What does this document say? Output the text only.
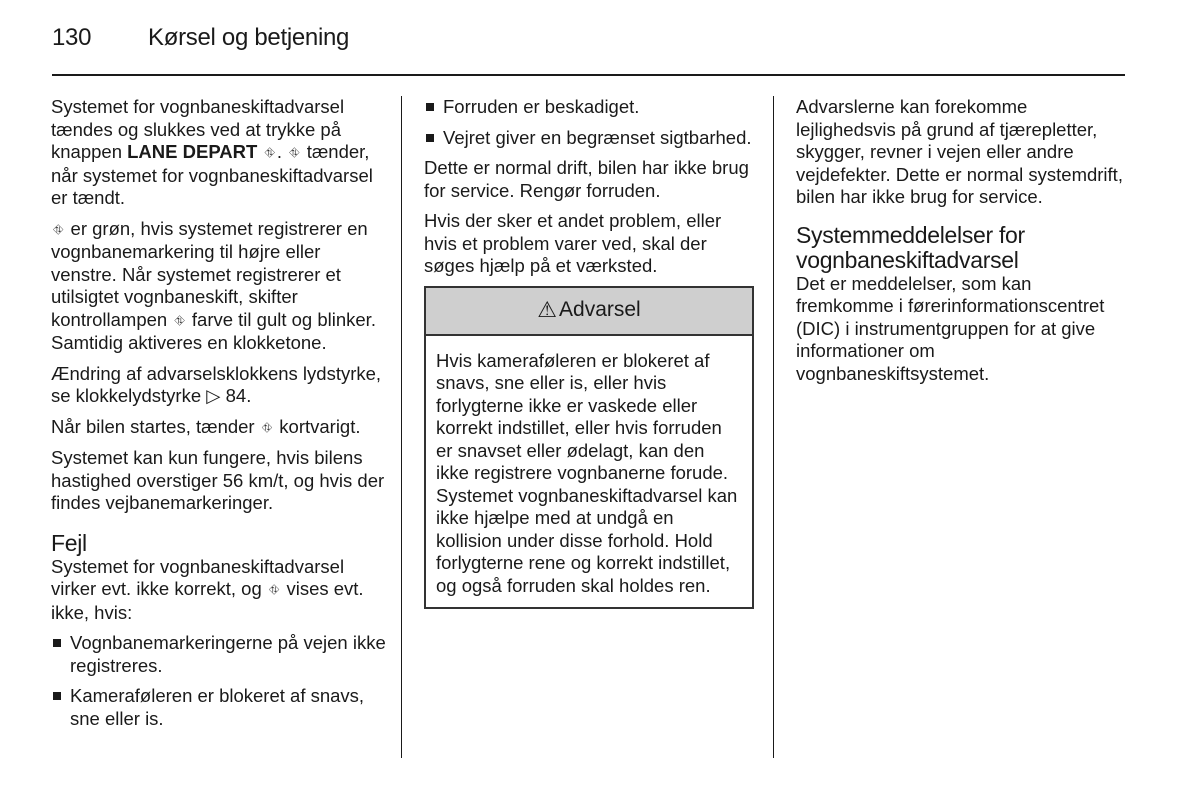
130	Kørsel og betjening

Systemet for vognbaneskiftadvarsel tændes og slukkes ved at trykke på knappen LANE DEPART ⛗ . ⛗ tænder, når systemet for vognbaneskiftadvarsel er tændt.

⛗ er grøn, hvis systemet registrerer en vognbanemarkering til højre eller venstre. Når systemet registrerer et utilsigtet vognbaneskift, skifter kontrollampen ⛗ farve til gult og blinker. Samtidig aktiveres en klokketone.

Ændring af advarselsklokkens lydstyrke, se klokkelydstyrke ▷ 84.

Når bilen startes, tænder ⛗ kortvarigt.

Systemet kan kun fungere, hvis bilens hastighed overstiger 56 km/t, og hvis der findes vejbanemarkeringer.

Fejl

Systemet for vognbaneskiftadvarsel virker evt. ikke korrekt, og ⛗ vises evt. ikke, hvis:

Vognbanemarkeringerne på vejen ikke registreres.
Kameraføleren er blokeret af snavs, sne eller is.
Forruden er beskadiget.
Vejret giver en begrænset sigtbarhed.

Dette er normal drift, bilen har ikke brug for service. Rengør forruden.

Hvis der sker et andet problem, eller hvis et problem varer ved, skal der søges hjælp på et værksted.

⚠ Advarsel
Hvis kameraføleren er blokeret af snavs, sne eller is, eller hvis forlygterne ikke er vaskede eller korrekt indstillet, eller hvis forruden er snavset eller ødelagt, kan den ikke registrere vognbanerne forude. Systemet vognbaneskiftadvarsel kan ikke hjælpe med at undgå en kollision under disse forhold. Hold forlygterne rene og korrekt indstillet, og også forruden skal holdes ren.

Advarslerne kan forekomme lejlighedsvis på grund af tjærepletter, skygger, revner i vejen eller andre vejdefekter. Dette er normal systemdrift, bilen har ikke brug for service.

Systemmeddelelser for vognbaneskiftadvarsel

Det er meddelelser, som kan fremkomme i førerinformationscentret (DIC) i instrumentgruppen for at give informationer om vognbaneskiftsystemet.
